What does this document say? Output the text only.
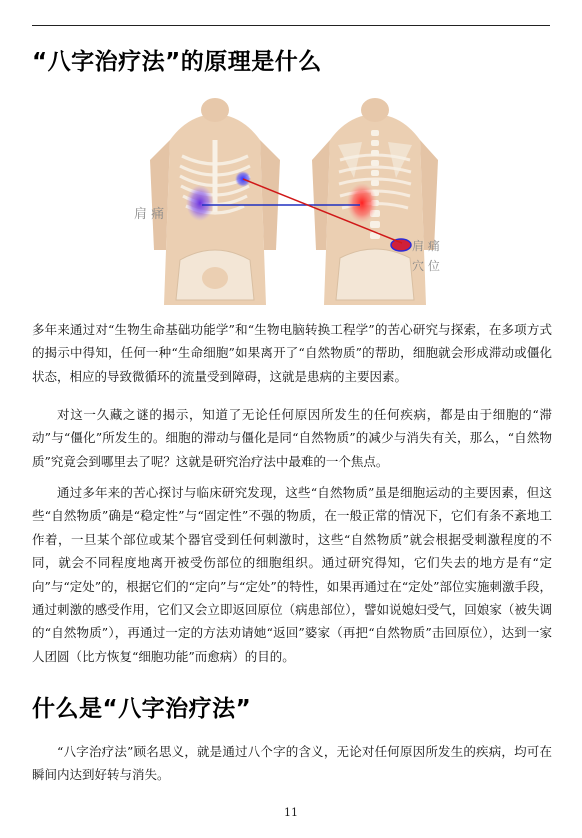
“八字治疗法”的原理是什么
肩 痛
肩 痛
穴 位

多年来通过对“生物生命基础功能学”和“生物电脑转换工程学”的苦心研究与探索，在多项方式的揭示中得知，任何一种“生命细胞”如果离开了“自然物质”的帮助，细胞就会形成滞动或僵化状态，相应的导致微循环的流量受到障碍，这就是患病的主要因素。

对这一久藏之谜的揭示，知道了无论任何原因所发生的任何疾病，都是由于细胞的“滞动”与“僵化”所发生的。细胞的滞动与僵化是同“自然物质”的减少与消失有关，那么，“自然物质”究竟会到哪里去了呢？这就是研究治疗法中最难的一个焦点。

通过多年来的苦心探讨与临床研究发现，这些“自然物质”虽是细胞运动的主要因素，但这些“自然物质”确是“稳定性”与“固定性”不强的物质，在一般正常的情况下，它们有条不紊地工作着，一旦某个部位或某个器官受到任何刺激时，这些“自然物质”就会根据受刺激程度的不同，就会不同程度地离开被受伤部位的细胞组织。通过研究得知，它们失去的地方是有“定向”与“定处”的，根据它们的“定向”与“定处”的特性，如果再通过在“定处”部位实施刺激手段，通过刺激的感受作用，它们又会立即返回原位（病患部位），譬如说媳妇受气，回娘家（被失调的“自然物质”），再通过一定的方法劝请她“返回”婆家（再把“自然物质”击回原位），达到一家人团圆（比方恢复“细胞功能”而愈病）的目的。

什么是“八字治疗法”

“八字治疗法”顾名思义，就是通过八个字的含义，无论对任何原因所发生的疾病，均可在瞬间内达到好转与消失。

11
